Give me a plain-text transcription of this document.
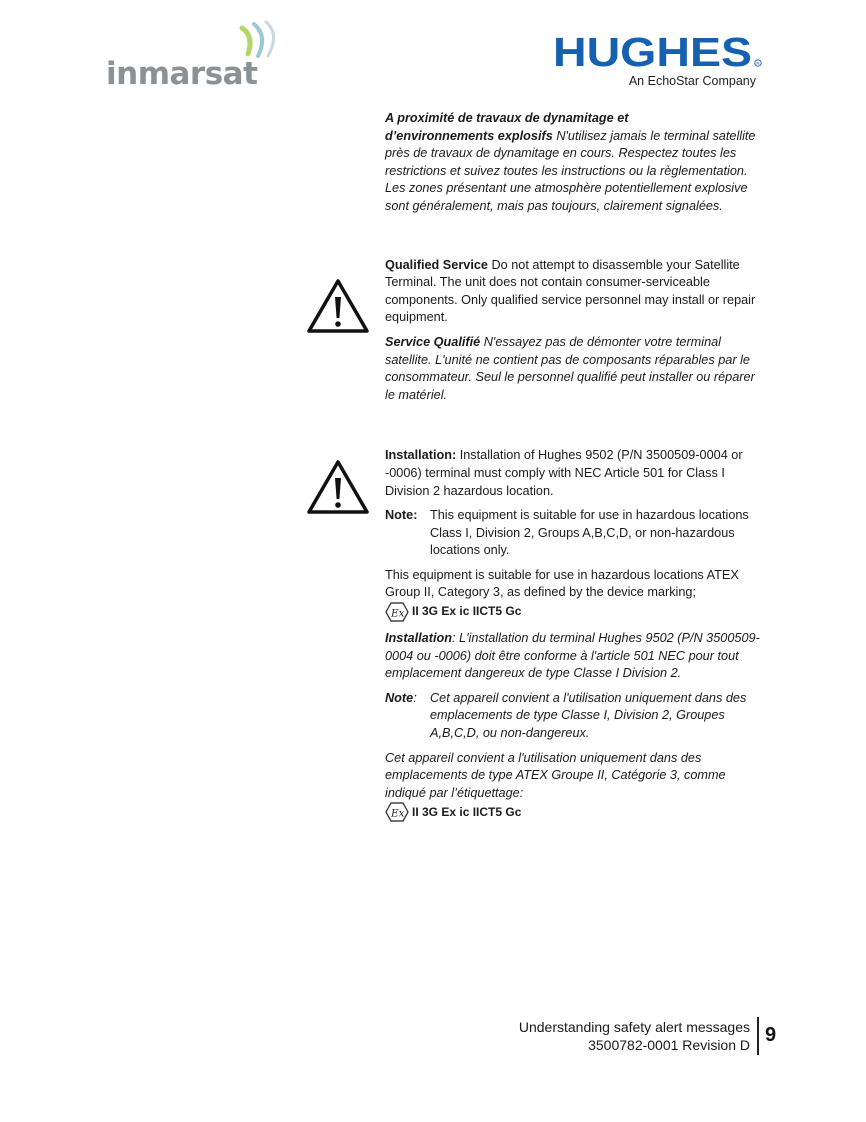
inmarsat	HUGHES R
An EchoStar Company

A proximité de travaux de dynamitage et
d’environnements explosifs N'utilisez jamais le terminal satellite près de travaux de dynamitage en cours. Respectez toutes les restrictions et suivez toutes les instructions ou la règlementation. Les zones présentant une atmosphère potentiellement explosive sont généralement, mais pas toujours, clairement signalées.

Qualified Service Do not attempt to disassemble your Satellite Terminal. The unit does not contain consumer-serviceable components. Only qualified service personnel may install or repair equipment.

Service Qualifié N'essayez pas de démonter votre terminal satellite. L'unité ne contient pas de composants réparables par le consommateur. Seul le personnel qualifié peut installer ou réparer le matériel.

Installation: Installation of Hughes 9502 (P/N 3500509-0004 or -0006) terminal must comply with NEC Article 501 for Class I Division 2 hazardous location.

Note: This equipment is suitable for use in hazardous locations Class I, Division 2, Groups A,B,C,D, or non-hazardous locations only.

This equipment is suitable for use in hazardous locations ATEX Group II, Category 3, as defined by the device marking;

Ex II 3G Ex ic IICT5 Gc

Installation: L'installation du terminal Hughes 9502 (P/N 3500509-0004 ou -0006) doit être conforme à l'article 501 NEC pour tout emplacement dangereux de type Classe I Division 2.

Note:	Cet appareil convient a l'utilisation uniquement dans des emplacements de type Classe I, Division 2, Groupes A,B,C,D, ou non-dangereux.

Cet appareil convient a l'utilisation uniquement dans des emplacements de type ATEX Groupe II, Catégorie 3, comme indiqué par l’étiquettage:

Ex II 3G Ex ic IICT5 Gc
Understanding safety alert messages
3500782-0001 Revision D 9
